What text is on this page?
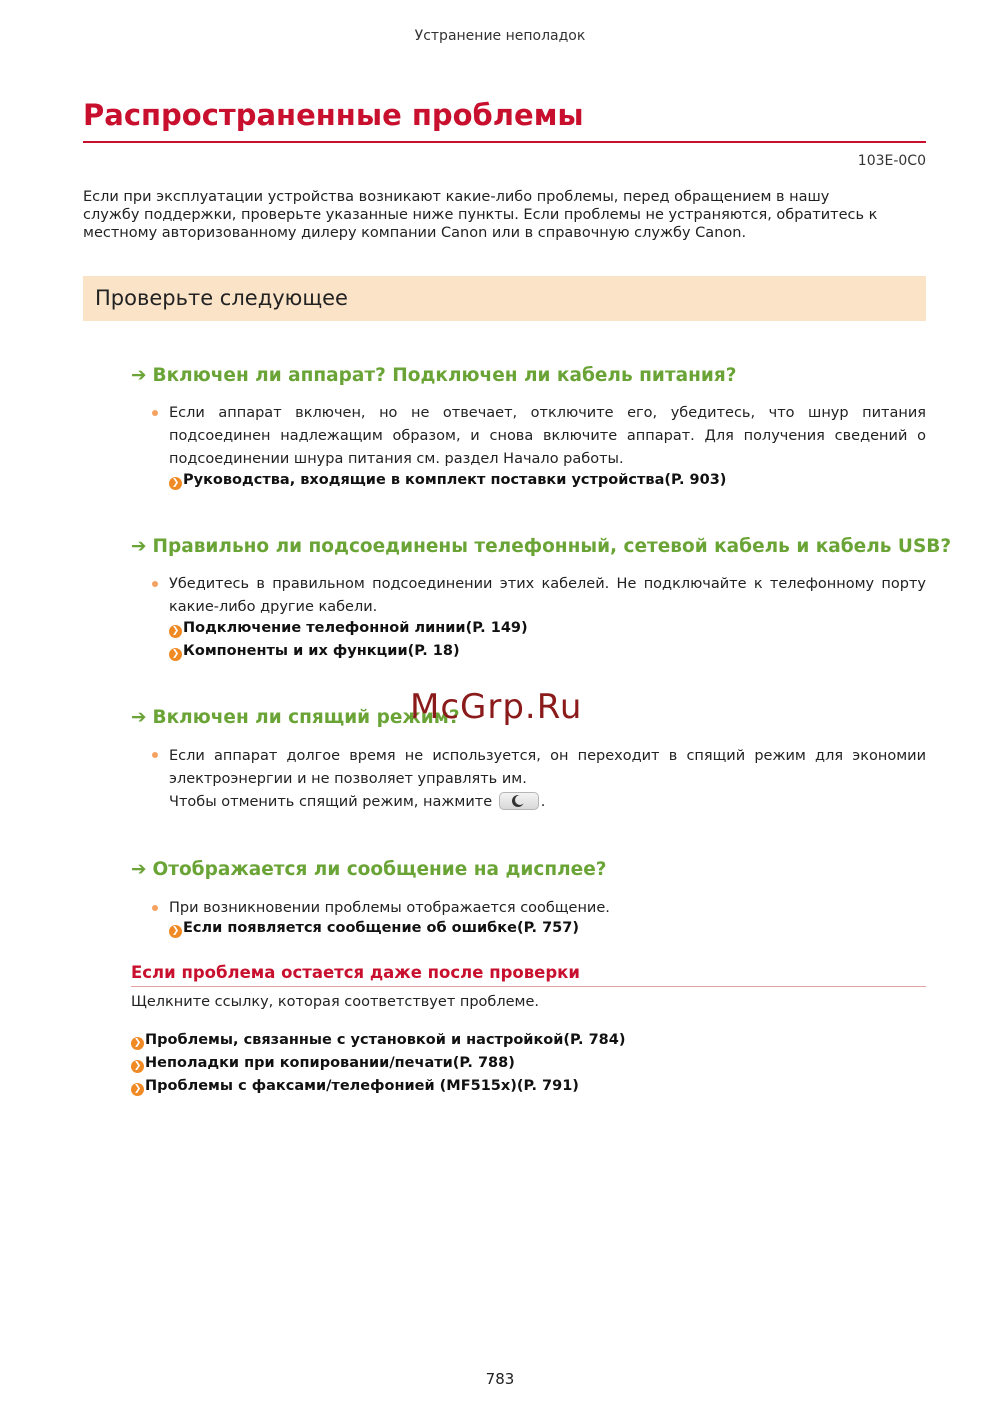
Устранение неполадок
Распространенные проблемы
103E-0C0
Если при эксплуатации устройства возникают какие-либо проблемы, перед обращением в нашу службу поддержки, проверьте указанные ниже пункты. Если проблемы не устраняются, обратитесь к местному авторизованному дилеру компании Canon или в справочную службу Canon.
Проверьте следующее
➔ Включен ли аппарат? Подключен ли кабель питания?
Если аппарат включен, но не отвечает, отключите его, убедитесь, что шнур питания подсоединен надлежащим образом, и снова включите аппарат. Для получения сведений о подсоединении шнура питания см. раздел Начало работы.
❯ Руководства, входящие в комплект поставки устройства(P. 903)
➔ Правильно ли подсоединены телефонный, сетевой кабель и кабель USB?
Убедитесь в правильном подсоединении этих кабелей. Не подключайте к телефонному порту какие-либо другие кабели.
❯ Подключение телефонной линии(P. 149)
❯ Компоненты и их функции(P. 18)
➔ Включен ли спящий режим?
Если аппарат долгое время не используется, он переходит в спящий режим для экономии электроэнергии и не позволяет управлять им.
Чтобы отменить спящий режим, нажмите	.
➔ Отображается ли сообщение на дисплее?
При возникновении проблемы отображается сообщение.
❯ Если появляется сообщение об ошибке(P. 757)
Если проблема остается даже после проверки
Щелкните ссылку, которая соответствует проблеме.
❯ Проблемы, связанные с установкой и настройкой(P. 784)
❯ Неполадки при копировании/печати(P. 788)
❯ Проблемы с факсами/телефонией (MF515x)(P. 791)
McGrp.Ru
783
